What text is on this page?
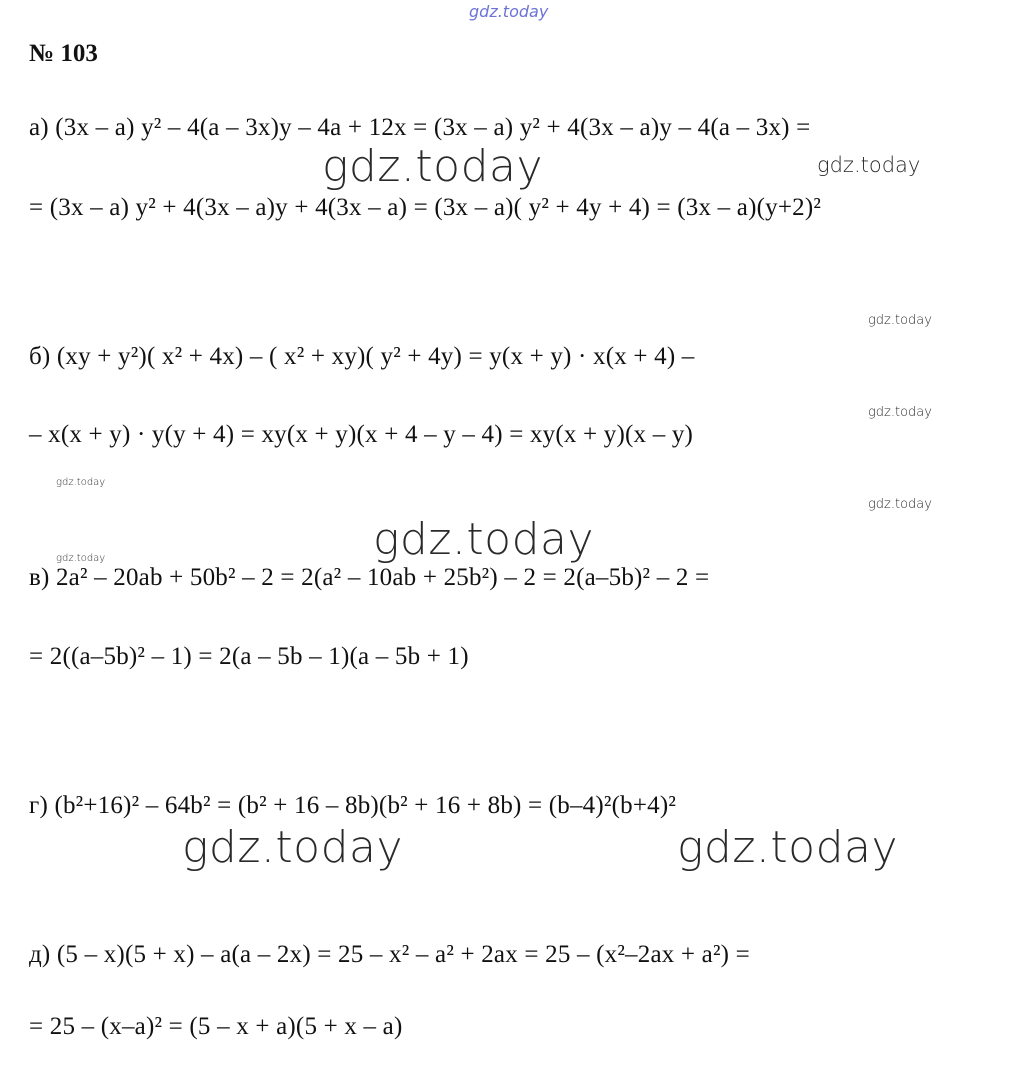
gdz.today
gdz.today	gdz.today
gdz.today
gdz.today
gdz.today
gdz.today
gdz.today
gdz.today
gdz.today	gdz.today
№ 103
а) (3x – a) y² – 4(a – 3x)y – 4a + 12x = (3x – a) y² + 4(3x – a)y – 4(a – 3x) =
= (3x – a) y² + 4(3x – a)y + 4(3x – a) = (3x – a)( y² + 4y + 4) = (3x – a)(y+2)²
б) (xy + y²)( x² + 4x) – ( x² + xy)( y² + 4y) = y(x + y) · x(x + 4) –
– x(x + y) · y(y + 4) = xy(x + y)(x + 4 – y – 4) = xy(x + y)(x – y)
в) 2a² – 20ab + 50b² – 2 = 2(a² – 10ab + 25b²) – 2 = 2(a–5b)² – 2 =
= 2((a–5b)² – 1) = 2(a – 5b – 1)(a – 5b + 1)
г) (b²+16)² – 64b² = (b² + 16 – 8b)(b² + 16 + 8b) = (b–4)²(b+4)²
д) (5 – x)(5 + x) – a(a – 2x) = 25 – x² – a² + 2ax = 25 – (x²–2ax + a²) =
= 25 – (x–a)² = (5 – x + a)(5 + x – a)
